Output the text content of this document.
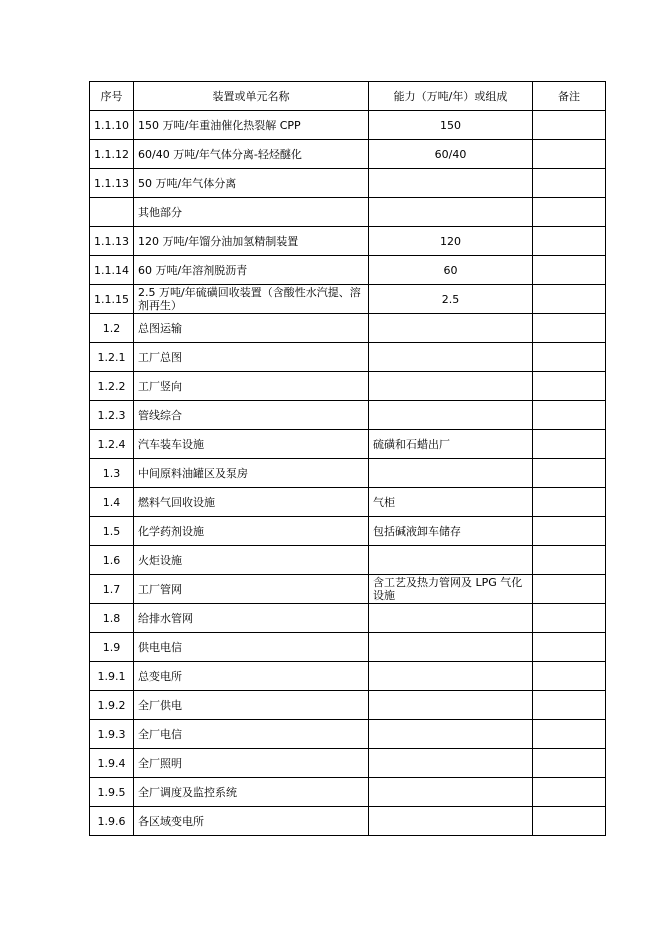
序号	装置或单元名称	能力（万吨/年）或组成	备注
1.1.10	150 万吨/年重油催化热裂解 CPP	150	
1.1.12	60/40 万吨/年气体分离-轻烃醚化	60/40	
1.1.13	50 万吨/年气体分离		
	其他部分		
1.1.13	120 万吨/年馏分油加氢精制装置	120	
1.1.14	60 万吨/年溶剂脱沥青	60	
1.1.15	2.5 万吨/年硫磺回收装置（含酸性水汽提、溶剂再生）	2.5	
1.2	总图运输		
1.2.1	工厂总图		
1.2.2	工厂竖向		
1.2.3	管线综合		
1.2.4	汽车装车设施	硫磺和石蜡出厂	
1.3	中间原料油罐区及泵房		
1.4	燃料气回收设施	气柜	
1.5	化学药剂设施	包括碱液卸车储存	
1.6	火炬设施		
1.7	工厂管网	含工艺及热力管网及 LPG 气化设施	
1.8	给排水管网		
1.9	供电电信		
1.9.1	总变电所		
1.9.2	全厂供电		
1.9.3	全厂电信		
1.9.4	全厂照明		
1.9.5	全厂调度及监控系统		
1.9.6	各区域变电所		
